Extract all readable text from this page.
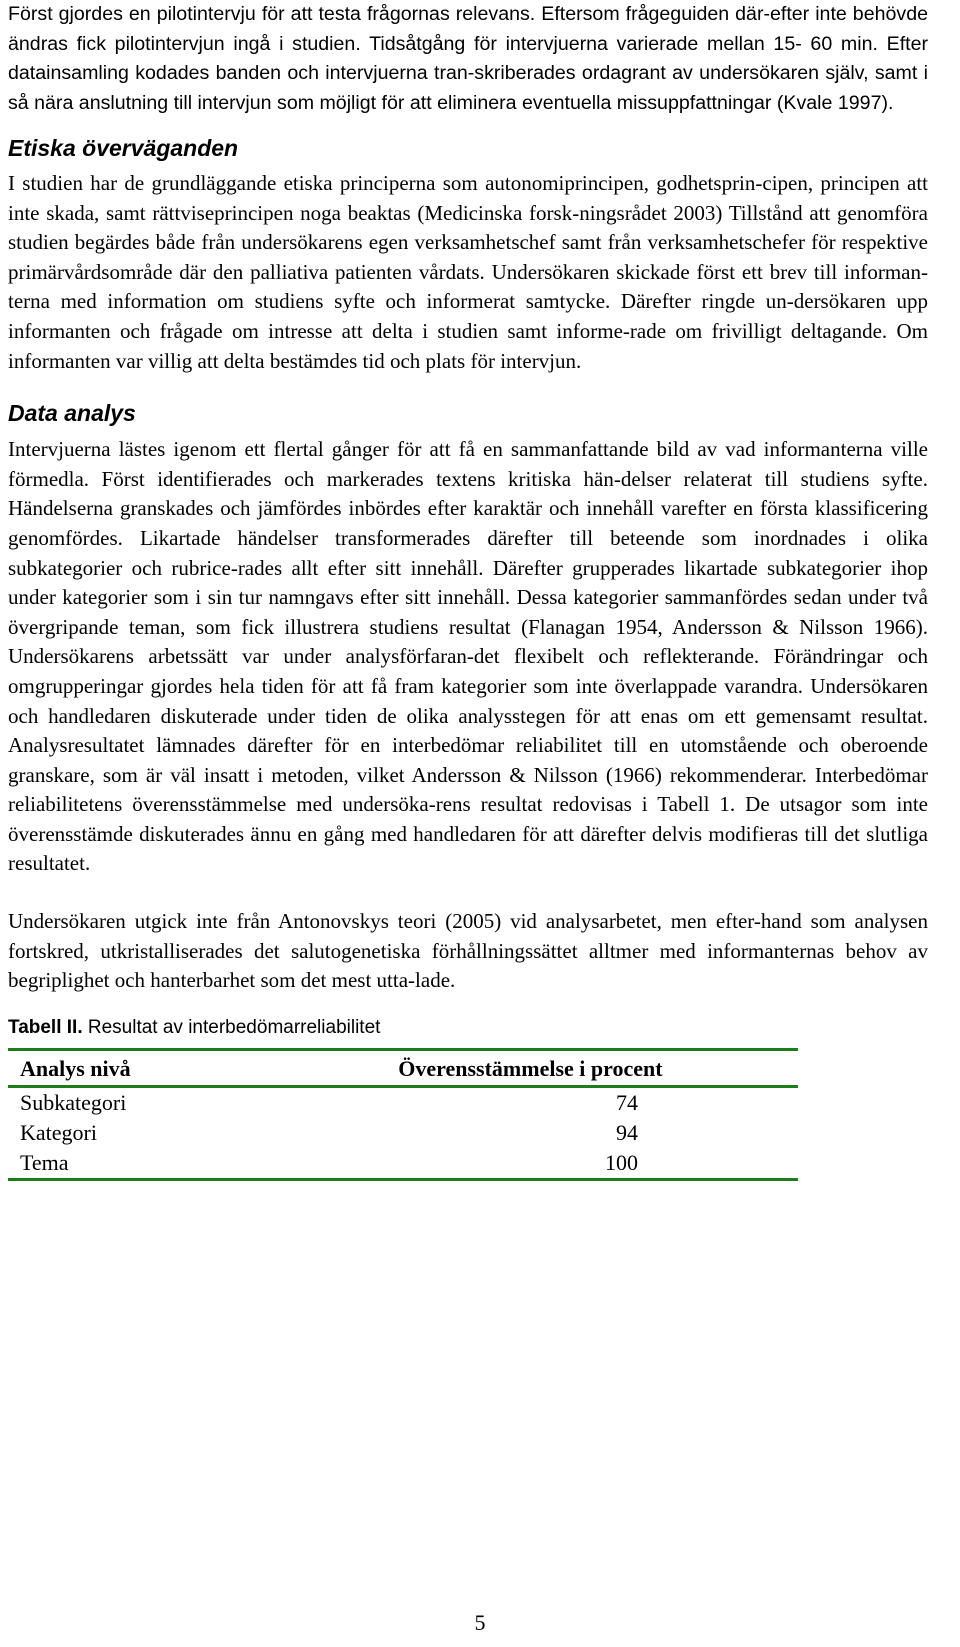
Först gjordes en pilotintervju för att testa frågornas relevans. Eftersom frågeguiden där-efter inte behövde ändras fick pilotintervjun ingå i studien. Tidsåtgång för intervjuerna varierade mellan 15- 60 min. Efter datainsamling kodades banden och intervjuerna tran-skriberades ordagrant av undersökaren själv, samt i så nära anslutning till intervjun som möjligt för att eliminera eventuella missuppfattningar (Kvale 1997).

Etiska överväganden

I studien har de grundläggande etiska principerna som autonomiprincipen, godhetsprin-cipen, principen att inte skada, samt rättviseprincipen noga beaktas (Medicinska forsk-ningsrådet 2003) Tillstånd att genomföra studien begärdes både från undersökarens egen verksamhetschef samt från verksamhetschefer för respektive primärvårdsområde där den palliativa patienten vårdats. Undersökaren skickade först ett brev till informan-terna med information om studiens syfte och informerat samtycke. Därefter ringde un-dersökaren upp informanten och frågade om intresse att delta i studien samt informe-rade om frivilligt deltagande. Om informanten var villig att delta bestämdes tid och plats för intervjun.

Data analys

Intervjuerna lästes igenom ett flertal gånger för att få en sammanfattande bild av vad informanterna ville förmedla. Först identifierades och markerades textens kritiska hän-delser relaterat till studiens syfte. Händelserna granskades och jämfördes inbördes efter karaktär och innehåll varefter en första klassificering genomfördes. Likartade händelser transformerades därefter till beteende som inordnades i olika subkategorier och rubrice-rades allt efter sitt innehåll. Därefter grupperades likartade subkategorier ihop under kategorier som i sin tur namngavs efter sitt innehåll. Dessa kategorier sammanfördes sedan under två övergripande teman, som fick illustrera studiens resultat (Flanagan 1954, Andersson & Nilsson 1966). Undersökarens arbetssätt var under analysförfaran-det flexibelt och reflekterande. Förändringar och omgrupperingar gjordes hela tiden för att få fram kategorier som inte överlappade varandra. Undersökaren och handledaren diskuterade under tiden de olika analysstegen för att enas om ett gemensamt resultat. Analysresultatet lämnades därefter för en interbedömar reliabilitet till en utomstående och oberoende granskare, som är väl insatt i metoden, vilket Andersson & Nilsson (1966) rekommenderar. Interbedömar reliabilitetens överensstämmelse med undersöka-rens resultat redovisas i Tabell 1. De utsagor som inte överensstämde diskuterades ännu en gång med handledaren för att därefter delvis modifieras till det slutliga resultatet.

Undersökaren utgick inte från Antonovskys teori (2005) vid analysarbetet, men efter-hand som analysen fortskred, utkristalliserades det salutogenetiska förhållningssättet alltmer med informanternas behov av begriplighet och hanterbarhet som det mest utta-lade.

Tabell II. Resultat av interbedömarreliabilitet

Analys nivå	Överensstämmelse i procent
Subkategori	74
Kategori	94
Tema	100
5
